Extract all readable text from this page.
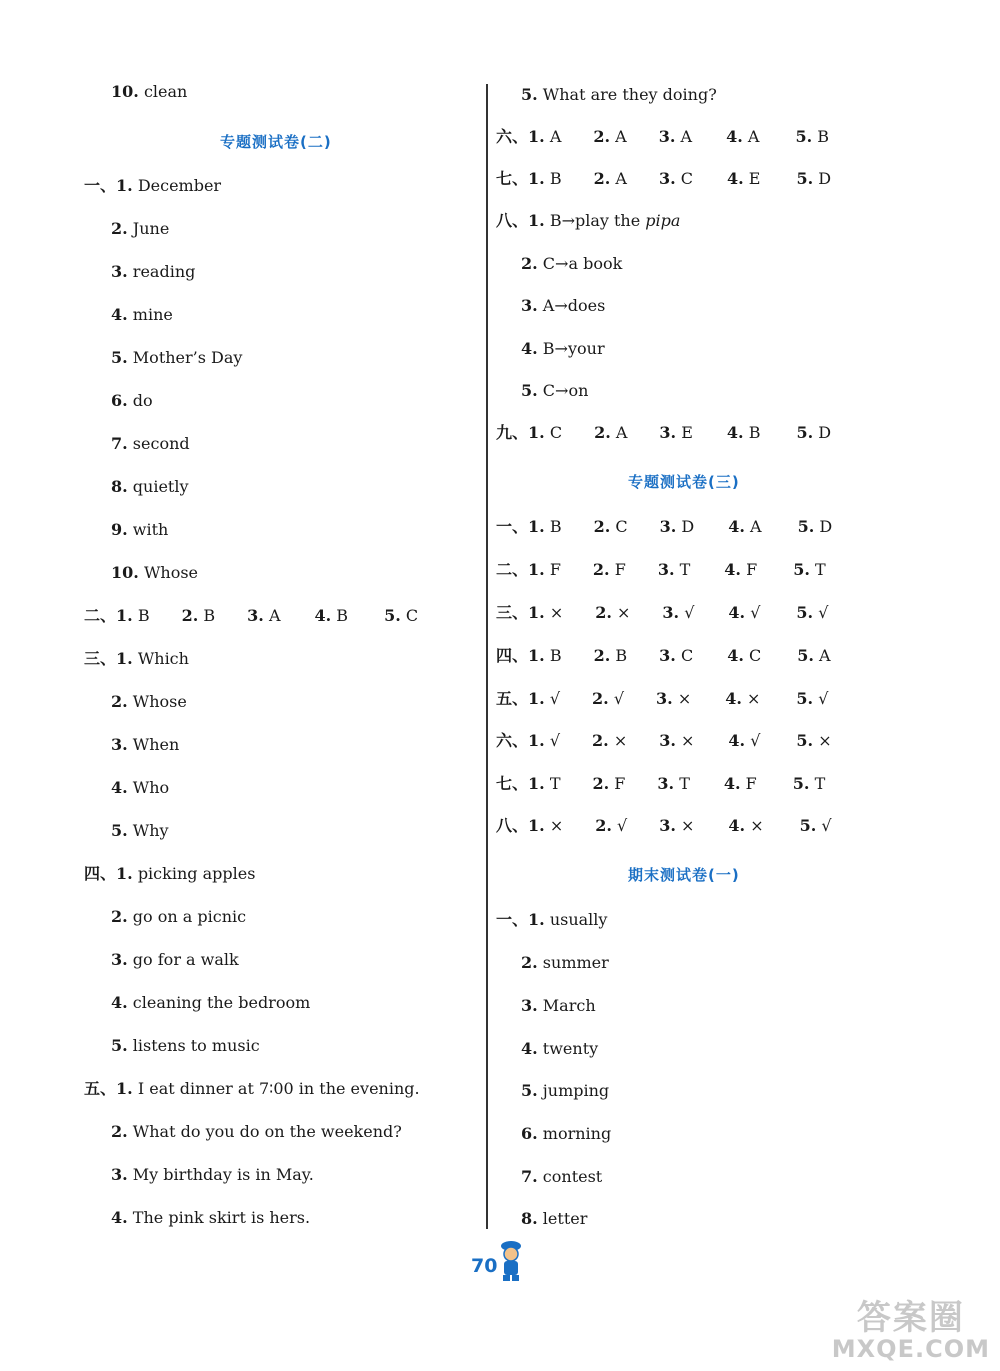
10. clean
专题测试卷(二)
一、1. December
2. June
3. reading
4. mine
5. Mother’s Day
6. do
7. second
8. quietly
9. with
10. Whose
二、1. B 2. B 3. A 4. B 5. C
三、1. Which
2. Whose
3. When
4. Who
5. Why
四、1. picking apples
2. go on a picnic
3. go for a walk
4. cleaning the bedroom
5. listens to music
五、1. I eat dinner at 7∶00 in the evening.
2. What do you do on the weekend?
3. My birthday is in May.
4. The pink skirt is hers.
5. What are they doing?
六、1. A 2. A 3. A 4. A 5. B
七、1. B 2. A 3. C 4. E 5. D
八、1. B→play the pipa
2. C→a book
3. A→does
4. B→your
5. C→on
九、1. C 2. A 3. E 4. B 5. D
专题测试卷(三)
一、1. B 2. C 3. D 4. A 5. D
二、1. F 2. F 3. T 4. F 5. T
三、1. × 2. × 3. √ 4. √ 5. √
四、1. B 2. B 3. C 4. C 5. A
五、1. √ 2. √ 3. × 4. × 5. √
六、1. √ 2. × 3. × 4. √ 5. ×
七、1. T 2. F 3. T 4. F 5. T
八、1. × 2. √ 3. × 4. × 5. √
期末测试卷(一)
一、1. usually
2. summer
3. March
4. twenty
5. jumping
6. morning
7. contest
8. letter
70
答案圈
MXQE.COM
